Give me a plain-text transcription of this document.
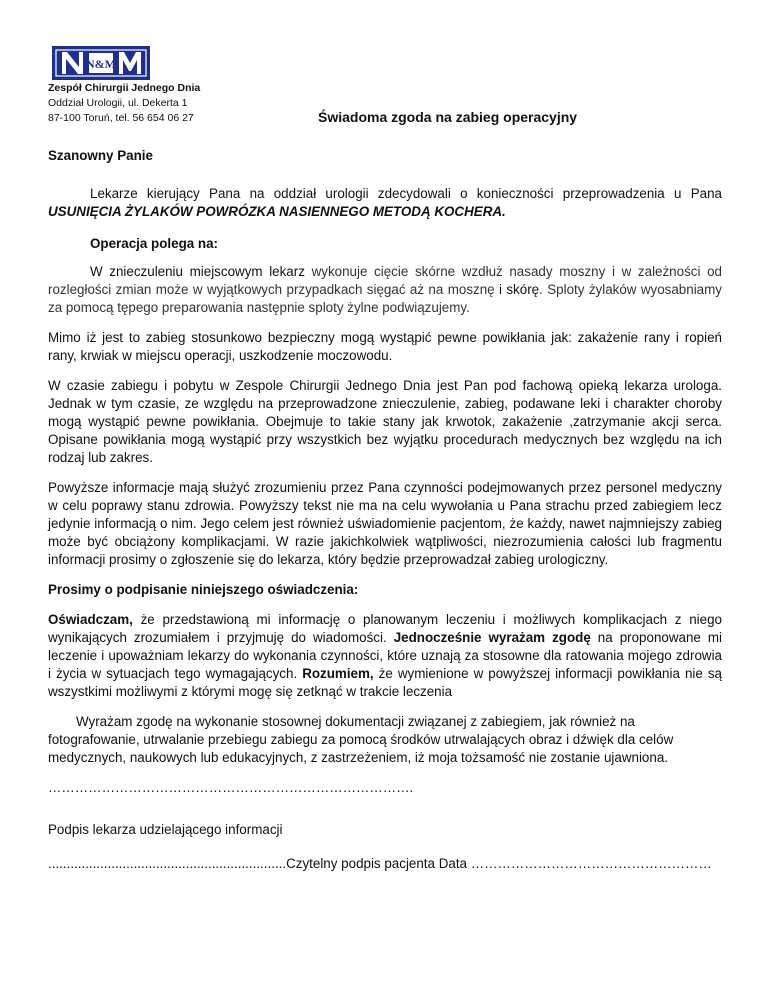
N&M
Zespół Chirurgii Jednego Dnia
Oddział Urologii, ul. Dekerta 1
87-100 Toruń, tel. 56 654 06 27	Świadoma zgoda na zabieg operacyjny

Szanowny Panie

Lekarze kierujący Pana na oddział urologii zdecydowali o konieczności przeprowadzenia u Pana USUNIĘCIA ŻYLAKÓW POWRÓZKA NASIENNEGO METODĄ KOCHERA.

Operacja polega na:

W znieczuleniu miejscowym lekarz wykonuje cięcie skórne wzdłuż nasady moszny i w zależności od rozległości zmian może w wyjątkowych przypadkach sięgać aż na mosznę i skórę. Sploty żylaków wyosabniamy za pomocą tępego preparowania następnie sploty żylne podwiązujemy.

Mimo iż jest to zabieg stosunkowo bezpieczny mogą wystąpić pewne powikłania jak: zakażenie rany i ropień rany, krwiak w miejscu operacji, uszkodzenie moczowodu.

W czasie zabiegu i pobytu w Zespole Chirurgii Jednego Dnia jest Pan pod fachową opieką lekarza urologa. Jednak w tym czasie, ze względu na przeprowadzone znieczulenie, zabieg, podawane leki i charakter choroby mogą wystąpić pewne powikłania. Obejmuje to takie stany jak krwotok, zakażenie ,zatrzymanie akcji serca. Opisane powikłania mogą wystąpić przy wszystkich bez wyjątku procedurach medycznych bez względu na ich rodzaj lub zakres.

Powyższe informacje mają służyć zrozumieniu przez Pana czynności podejmowanych przez personel medyczny w celu poprawy stanu zdrowia. Powyższy tekst nie ma na celu wywołania u Pana strachu przed zabiegiem lecz jedynie informacją o nim. Jego celem jest również uświadomienie pacjentom, że każdy, nawet najmniejszy zabieg może być obciążony komplikacjami. W razie jakichkolwiek wątpliwości, niezrozumienia całości lub fragmentu informacji prosimy o zgłoszenie się do lekarza, który będzie przeprowadzał zabieg urologiczny.

Prosimy o podpisanie niniejszego oświadczenia:

Oświadczam, że przedstawioną mi informację o planowanym leczeniu i możliwych komplikacjach z niego wynikających zrozumiałem i przyjmuję do wiadomości. Jednocześnie wyrażam zgodę na proponowane mi leczenie i upoważniam lekarzy do wykonania czynności, które uznają za stosowne dla ratowania mojego zdrowia i życia w sytuacjach tego wymagających. Rozumiem, że wymienione w powyższej informacji powikłania nie są wszystkimi możliwymi z którymi mogę się zetknąć w trakcie leczenia

Wyrażam zgodę na wykonanie stosownej dokumentacji związanej z zabiegiem, jak również na fotografowanie, utrwalanie przebiegu zabiegu za pomocą środków utrwalających obraz i dźwięk dla celów medycznych, naukowych lub edukacyjnych, z zastrzeżeniem, iż moja tożsamość nie zostanie ujawniona.

……………………………………………………………………….

Podpis lekarza udzielającego informacji

................................................................Czytelny podpis pacjenta Data ………………………………………………
